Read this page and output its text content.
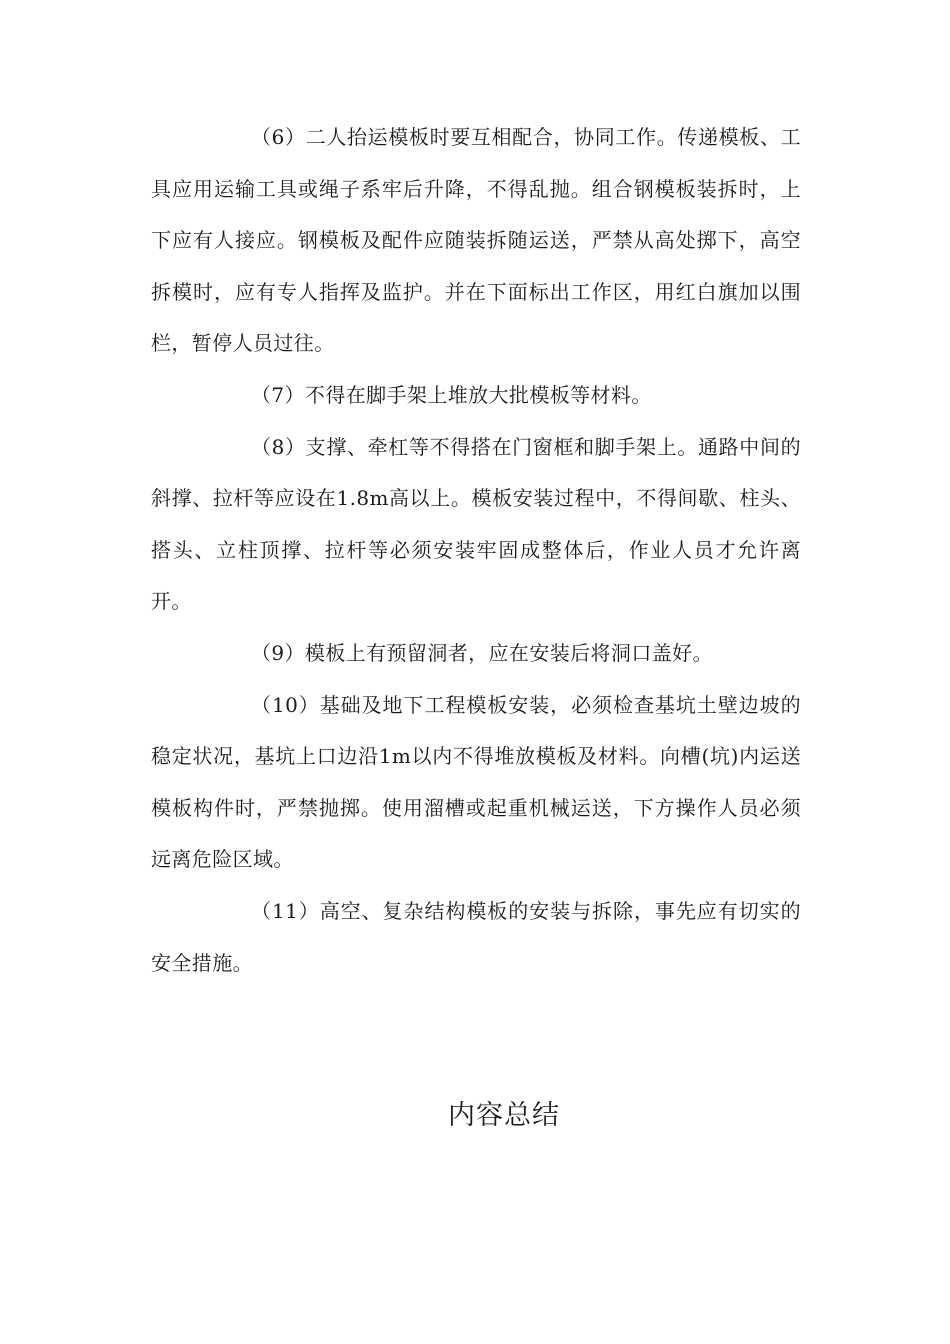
（6）二人抬运模板时要互相配合，协同工作。传递模板、工具应用运输工具或绳子系牢后升降，不得乱抛。组合钢模板装拆时，上下应有人接应。钢模板及配件应随装拆随运送，严禁从高处掷下，高空拆模时，应有专人指挥及监护。并在下面标出工作区，用红白旗加以围栏，暂停人员过往。

（7）不得在脚手架上堆放大批模板等材料。

（8）支撑、牵杠等不得搭在门窗框和脚手架上。通路中间的斜撑、拉杆等应设在1.8m高以上。模板安装过程中，不得间歇、柱头、搭头、立柱顶撑、拉杆等必须安装牢固成整体后，作业人员才允许离开。

（9）模板上有预留洞者，应在安装后将洞口盖好。

（10）基础及地下工程模板安装，必须检查基坑土壁边坡的稳定状况，基坑上口边沿1m以内不得堆放模板及材料。向槽(坑)内运送模板构件时，严禁抛掷。使用溜槽或起重机械运送，下方操作人员必须远离危险区域。

（11）高空、复杂结构模板的安装与拆除，事先应有切实的安全措施。

内容总结
